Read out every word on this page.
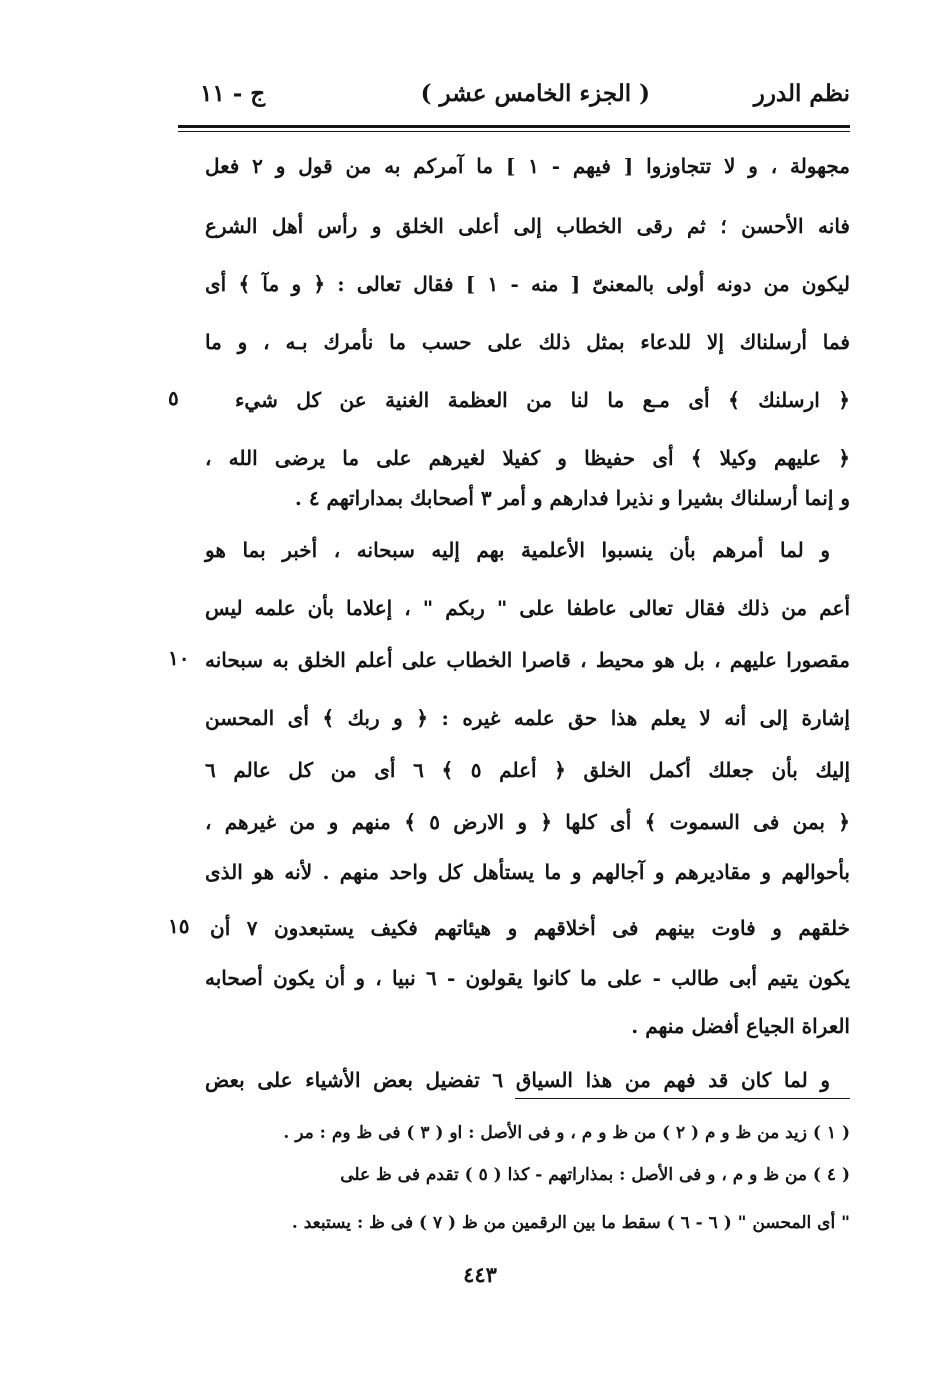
نظم الدرر
( الجزء الخامس عشر )
ج - ١١
مجهولة ، و لا تتجاوزوا [ فيهم - ١ ] ما آمركم به من قول و ٢ فعل
فانه الأحسن ؛ ثم رقى الخطاب إلى أعلى الخلق و رأس أهل الشرع
ليكون من دونه أولى بالمعنىّ [ منه - ١ ] فقال تعالى : ﴿ و مآ ﴾ أى
فما أرسلناك إلا للدعاء بمثل ذلك على حسب ما نأمرك بـه ، و ما
﴿ ارسلنك ﴾ أى مـع ما لنا من العظمة الغنية عن كل شيء
﴿ عليهم وكيلا ﴾ أى حفيظا و كفيلا لغيرهم على ما يرضى الله ،
و إنما أرسلناك بشيرا و نذيرا فدارهم و أمر ٣ أصحابك بمداراتهم ٤ .
و لما أمرهم بأن ينسبوا الأعلمية بهم إليه سبحانه ، أخبر بما هو
أعم من ذلك فقال تعالى عاطفا على " ربكم " ، إعلاما بأن علمه ليس
مقصورا عليهم ، بل هو محيط ، قاصرا الخطاب على أعلم الخلق به سبحانه
إشارة إلى أنه لا يعلم هذا حق علمه غيره : ﴿ و ربك ﴾ أى المحسن
إليك بأن جعلك أكمل الخلق ﴿ أعلم ٥ ﴾ ٦ أى من كل عالم ٦
﴿ بمن فى السموت ﴾ أى كلها ﴿ و الارض ٥ ﴾ منهم و من غيرهم ،
بأحوالهم و مقاديرهم و آجالهم و ما يستأهل كل واحد منهم . لأنه هو الذى
خلقهم و فاوت بينهم فى أخلاقهم و هيئاتهم فكيف يستبعدون ٧ أن
يكون يتيم أبى طالب - على ما كانوا يقولون - ٦ نبيا ، و أن يكون أصحابه
العراة الجياع أفضل منهم .
و لما كان قد فهم من هذا السياق ٦ تفضيل بعض الأشياء على بعض
٥
١٠
١٥
( ١ ) زيد من ظ و م ( ٢ ) من ظ و م ، و فى الأصل : او ( ٣ ) فى ظ وم : مر .
( ٤ ) من ظ و م ، و فى الأصل : بمذاراتهم - كذا ( ٥ ) تقدم فى ظ على
" أى المحسن " ( ٦ - ٦ ) سقط ما بين الرقمين من ظ ( ٧ ) فى ظ : يستبعد .
٤٤٣
